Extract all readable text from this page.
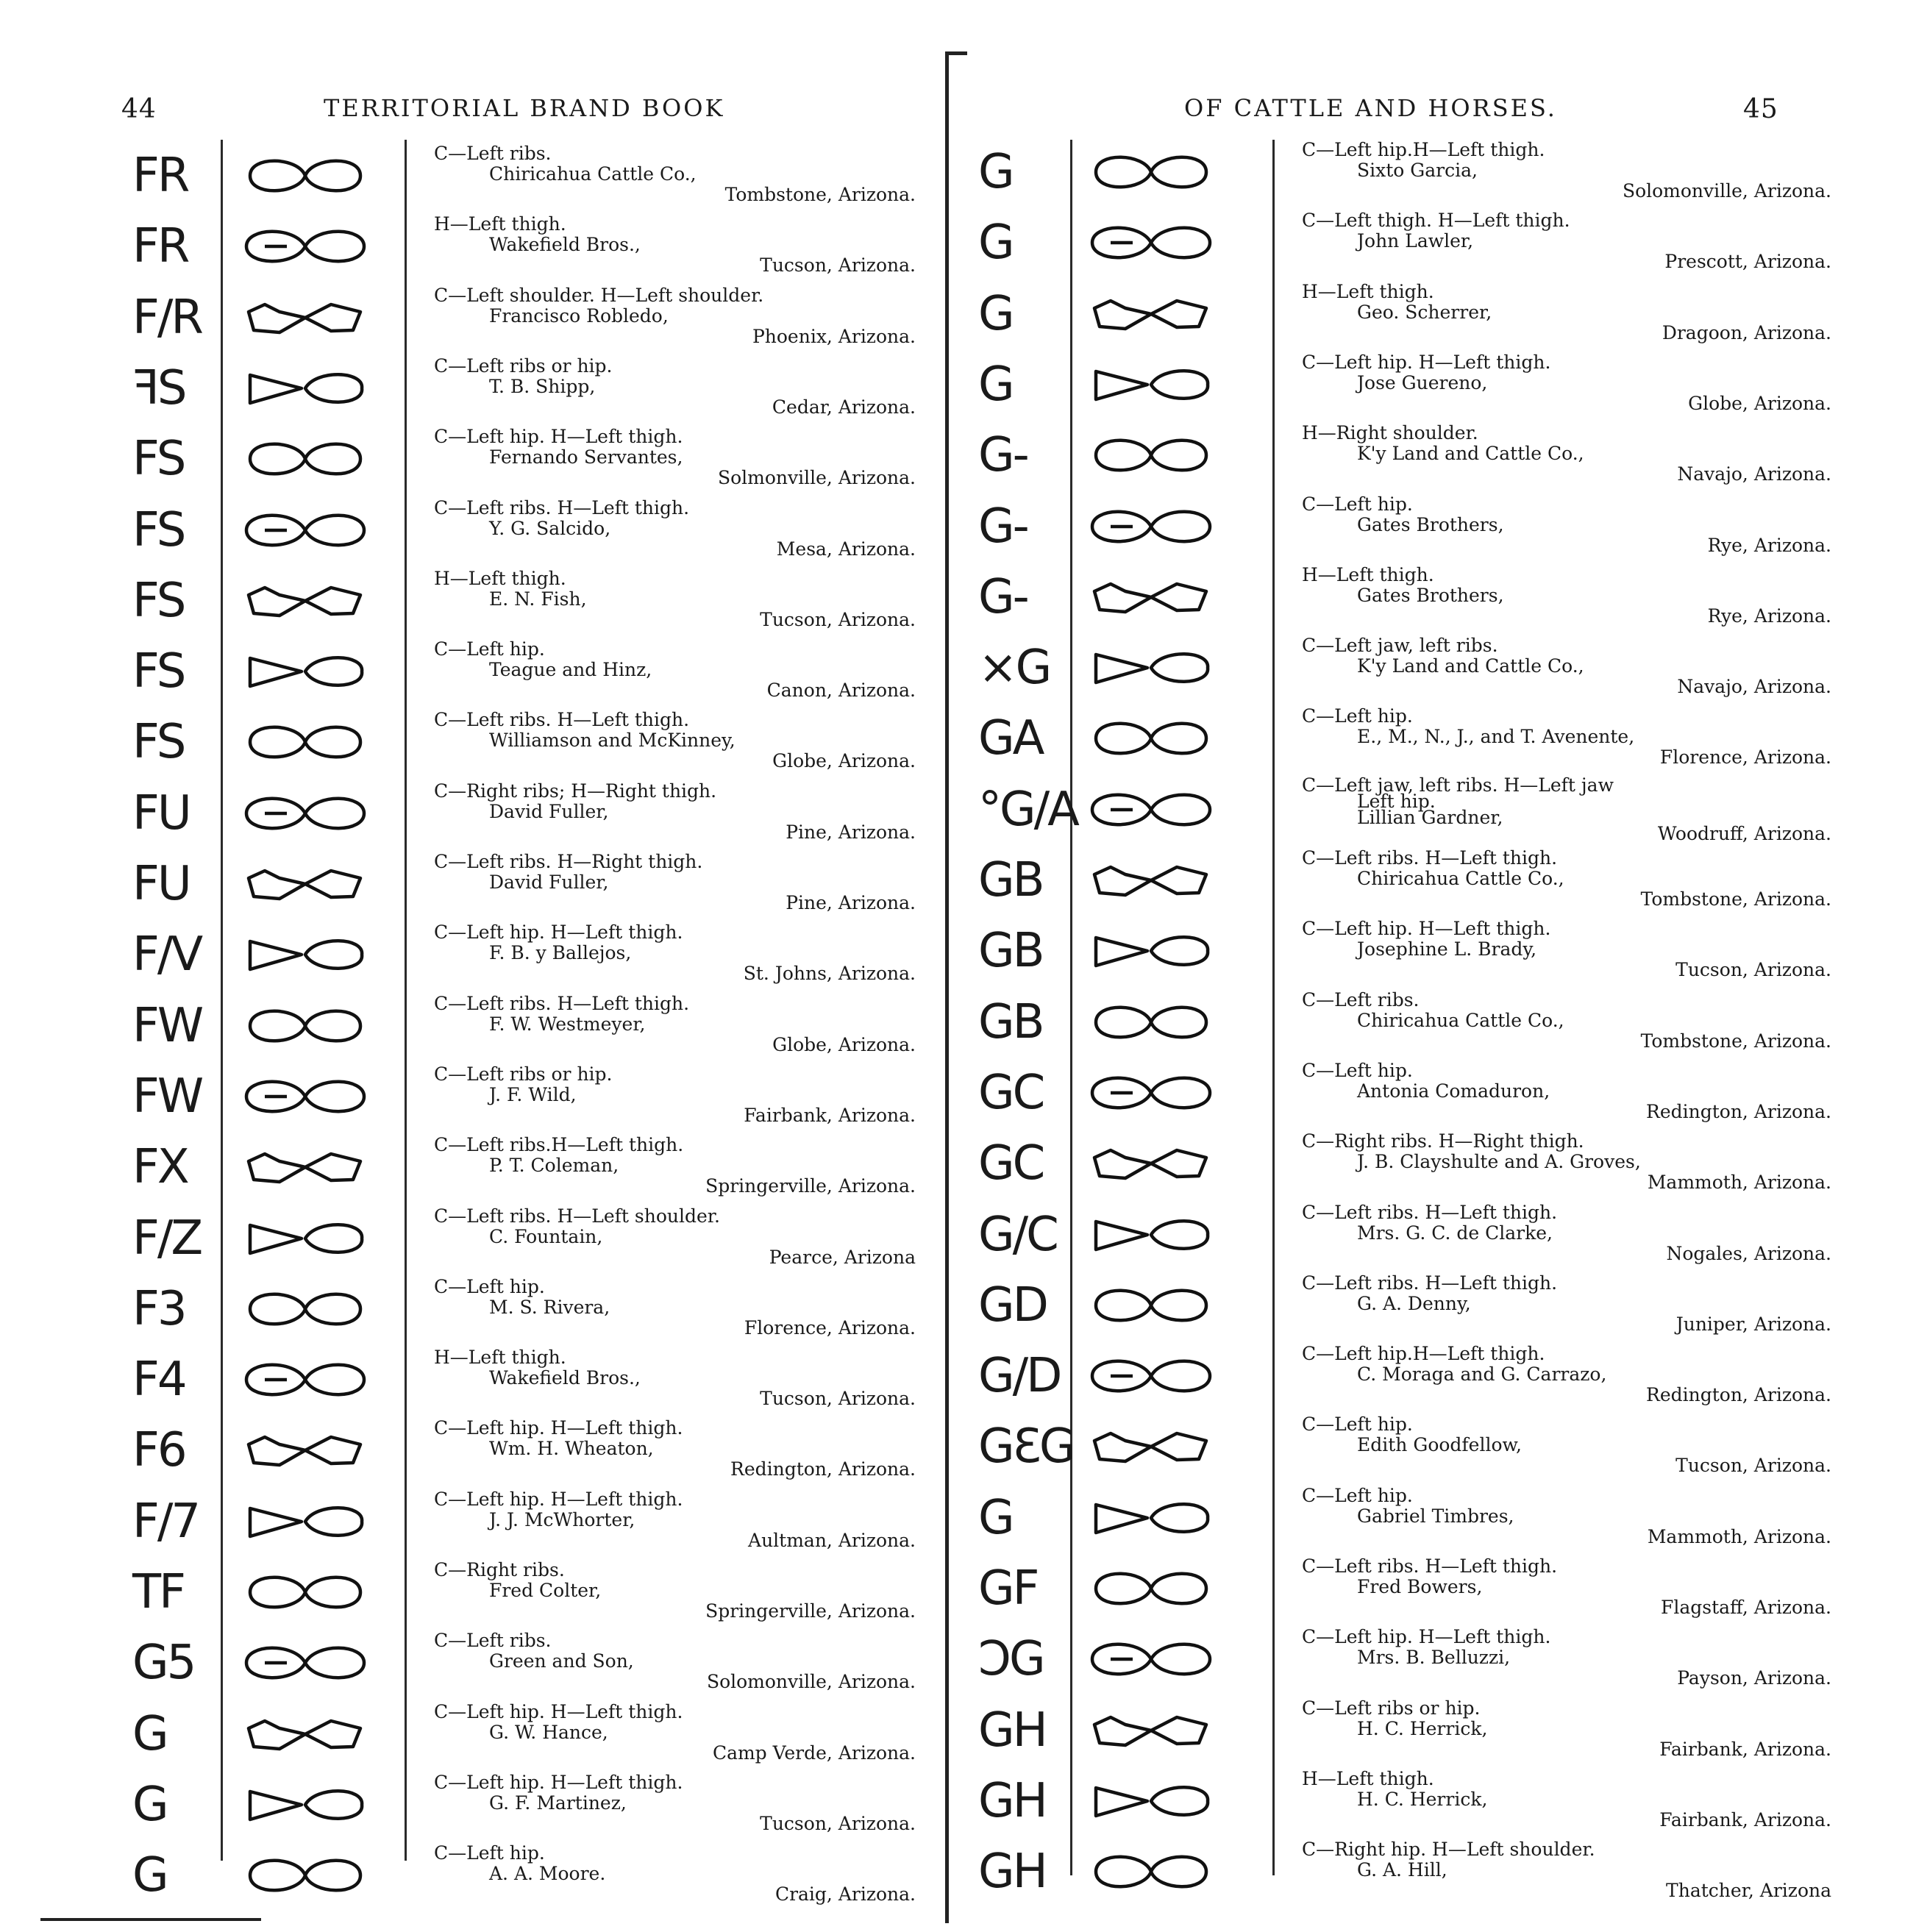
44	TERRITORIAL BRAND BOOK
FR	C—Left ribs.
Chiricahua Cattle Co.,
Tombstone, Arizona.
FR	H—Left thigh.
Wakefield Bros.,
Tucson, Arizona.
F/R	C—Left shoulder. H—Left shoulder.
Francisco Robledo,
Phoenix, Arizona.
ꟻS	C—Left ribs or hip.
T. B. Shipp,
Cedar, Arizona.
FS	C—Left hip. H—Left thigh.
Fernando Servantes,
Solmonville, Arizona.
FS	C—Left ribs. H—Left thigh.
Y. G. Salcido,
Mesa, Arizona.
FS	H—Left thigh.
E. N. Fish,
Tucson, Arizona.
FS	C—Left hip.
Teague and Hinz,
Canon, Arizona.
FS	C—Left ribs. H—Left thigh.
Williamson and McKinney,
Globe, Arizona.
FU	C—Right ribs; H—Right thigh.
David Fuller,
Pine, Arizona.
FU	C—Left ribs. H—Right thigh.
David Fuller,
Pine, Arizona.
F/V	C—Left hip. H—Left thigh.
F. B. y Ballejos,
St. Johns, Arizona.
FW	C—Left ribs. H—Left thigh.
F. W. Westmeyer,
Globe, Arizona.
FW	C—Left ribs or hip.
J. F. Wild,
Fairbank, Arizona.
FX	C—Left ribs.H—Left thigh.
P. T. Coleman,
Springerville, Arizona.
F/Z	C—Left ribs. H—Left shoulder.
C. Fountain,
Pearce, Arizona
F3	C—Left hip.
M. S. Rivera,
Florence, Arizona.
F4	H—Left thigh.
Wakefield Bros.,
Tucson, Arizona.
F6	C—Left hip. H—Left thigh.
Wm. H. Wheaton,
Redington, Arizona.
F/7	C—Left hip. H—Left thigh.
J. J. McWhorter,
Aultman, Arizona.
TF	C—Right ribs.
Fred Colter,
Springerville, Arizona.
G5	C—Left ribs.
Green and Son,
Solomonville, Arizona.
G	C—Left hip. H—Left thigh.
G. W. Hance,
Camp Verde, Arizona.
G	C—Left hip. H—Left thigh.
G. F. Martinez,
Tucson, Arizona.
G	C—Left hip.
A. A. Moore.
Craig, Arizona.
OF CATTLE AND HORSES.	45
G	C—Left hip.H—Left thigh.
Sixto Garcia,
Solomonville, Arizona.
G	C—Left thigh. H—Left thigh.
John Lawler,
Prescott, Arizona.
G	H—Left thigh.
Geo. Scherrer,
Dragoon, Arizona.
G	C—Left hip. H—Left thigh.
Jose Guereno,
Globe, Arizona.
G-	H—Right shoulder.
K'y Land and Cattle Co.,
Navajo, Arizona.
G-	C—Left hip.
Gates Brothers,
Rye, Arizona.
G-	H—Left thigh.
Gates Brothers,
Rye, Arizona.
×G	C—Left jaw, left ribs.
K'y Land and Cattle Co.,
Navajo, Arizona.
GA	C—Left hip.
E., M., N., J., and T. Avenente,
Florence, Arizona.
°G/A	C—Left jaw, left ribs. H—Left jaw
Left hip.
Lillian Gardner,
Woodruff, Arizona.
GB	C—Left ribs. H—Left thigh.
Chiricahua Cattle Co.,
Tombstone, Arizona.
GB	C—Left hip. H—Left thigh.
Josephine L. Brady,
Tucson, Arizona.
GB	C—Left ribs.
Chiricahua Cattle Co.,
Tombstone, Arizona.
GC	C—Left hip.
Antonia Comaduron,
Redington, Arizona.
GC	C—Right ribs. H—Right thigh.
J. B. Clayshulte and A. Groves,
Mammoth, Arizona.
G/C	C—Left ribs. H—Left thigh.
Mrs. G. C. de Clarke,
Nogales, Arizona.
GD	C—Left ribs. H—Left thigh.
G. A. Denny,
Juniper, Arizona.
G/D	C—Left hip.H—Left thigh.
C. Moraga and G. Carrazo,
Redington, Arizona.
GƐG	C—Left hip.
Edith Goodfellow,
Tucson, Arizona.
G	C—Left hip.
Gabriel Timbres,
Mammoth, Arizona.
GF	C—Left ribs. H—Left thigh.
Fred Bowers,
Flagstaff, Arizona.
ƆG	C—Left hip. H—Left thigh.
Mrs. B. Belluzzi,
Payson, Arizona.
GH	C—Left ribs or hip.
H. C. Herrick,
Fairbank, Arizona.
GH	H—Left thigh.
H. C. Herrick,
Fairbank, Arizona.
GH	C—Right hip. H—Left shoulder.
G. A. Hill,
Thatcher, Arizona
